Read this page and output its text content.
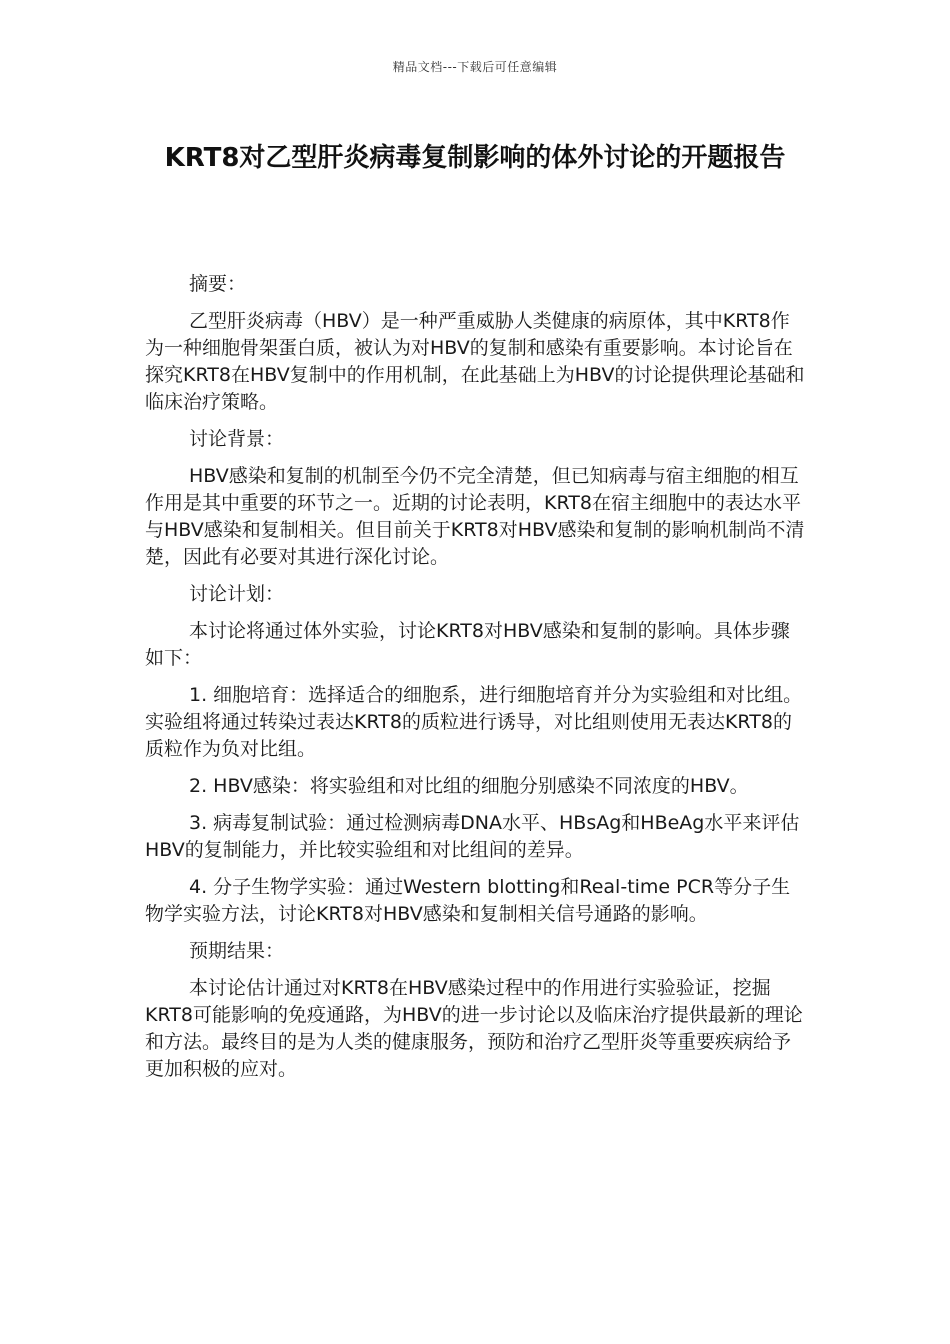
精品文档---下载后可任意编辑
KRT8对乙型肝炎病毒复制影响的体外讨论的开题报告

摘要：

乙型肝炎病毒（HBV）是一种严重威胁人类健康的病原体，其中KRT8作为一种细胞骨架蛋白质，被认为对HBV的复制和感染有重要影响。本讨论旨在探究KRT8在HBV复制中的作用机制，在此基础上为HBV的讨论提供理论基础和临床治疗策略。

讨论背景：

HBV感染和复制的机制至今仍不完全清楚，但已知病毒与宿主细胞的相互作用是其中重要的环节之一。近期的讨论表明，KRT8在宿主细胞中的表达水平与HBV感染和复制相关。但目前关于KRT8对HBV感染和复制的影响机制尚不清楚，因此有必要对其进行深化讨论。

讨论计划：

本讨论将通过体外实验，讨论KRT8对HBV感染和复制的影响。具体步骤如下：

1. 细胞培育：选择适合的细胞系，进行细胞培育并分为实验组和对比组。实验组将通过转染过表达KRT8的质粒进行诱导，对比组则使用无表达KRT8的质粒作为负对比组。

2. HBV感染：将实验组和对比组的细胞分别感染不同浓度的HBV。

3. 病毒复制试验：通过检测病毒DNA水平、HBsAg和HBeAg水平来评估HBV的复制能力，并比较实验组和对比组间的差异。

4. 分子生物学实验：通过Western blotting和Real-time PCR等分子生物学实验方法，讨论KRT8对HBV感染和复制相关信号通路的影响。

预期结果：

本讨论估计通过对KRT8在HBV感染过程中的作用进行实验验证，挖掘KRT8可能影响的免疫通路，为HBV的进一步讨论以及临床治疗提供最新的理论和方法。最终目的是为人类的健康服务，预防和治疗乙型肝炎等重要疾病给予更加积极的应对。
